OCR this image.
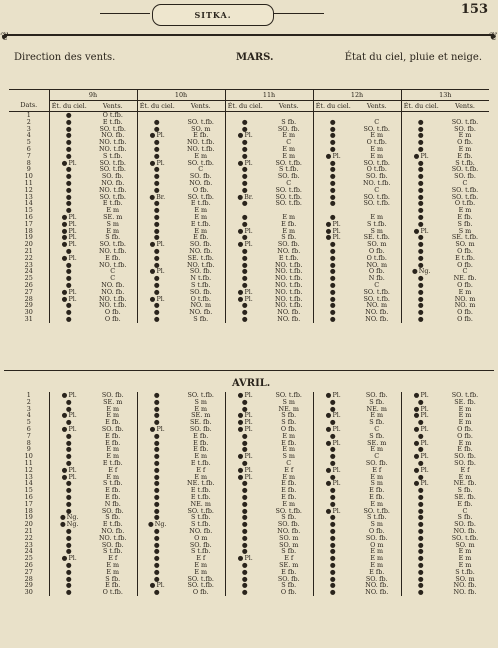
SITKA.	153
❦	❦
Direction des vents.	MARS.	État du ciel, pluie et neige.
	9h		10h		11h		12h		13h	
Dats.	Ét. du ciel.	Vents.	Ét. du ciel.	Vents.	Ét. du ciel.	Vents.	Ét. du ciel.	Vents.	Ét. du ciel.	Vents.
1	●	O t.fb.								
2	●	E t.fb.	●	SO. t.fb.	●	S fb.	●	C	●	SO. t.fb.
3	●	SO. t.fb.	●	SO. m	●	SO. fb.	●	SO. t.fb.	●	SO. fb.
4	●	NO. fb.	● Pl.	E fb.	● Pl.	E m	●	E m	●	E m
5	●	NO. t.fb.	●	NO. t.fb.	●	C	●	O t.fb.	●	O fb.
6	●	NO. t.fb.	●	NO. t.fb.	●	E m	●	E m	●	E m
7	●	S t.fb.	●	E m	●	E m	● Pl.	E m	● Pl.	E fb.
8	● Pl.	SO. t.fb.	● Pl.	SO. t.fb.	● Pl.	SO. t.fb.	●	SO. t.fb.	●	S t.fb.
9	●	SO. t.fb.	●	C	●	S t.fb.	●	O t.fb.	●	SO. t.fb.
10	●	SO. fb.	●	SO. fb.	●	SO. fb.	●	SO. fb.	●	SO. fb.
11	●	NO. fb.	●	NO. fb.	●	C	●	NO. t.fb.	●	C
12	●	NO. t.fb.	●	O fb.	●	SO. t.fb.	●	C	●	SO. t.fb.
13	●	SO. t.fb.	● Br.	SO. t.fb.	● Br.	SO. t.fb.	●	SO. t.fb.	●	SO. t.fb.
14	●	E t.fb.	●	E t.fb.	●	SO. t.fb.	●	SO. t.fb.	●	O t.fb.
15	●	E m	●	E m					●	E m
16	● Pl.	SE. m	●	E m	●	E m	●	E m	●	E fb.
17	● Pl.	S m	●	E t.fb.	●	E fb.	● Pl.	S t.fb.	●	S fb.
18	● Pl.	E m	●	E m	● Pl.	E m	● Pl.	S m	● Pl.	S m
19	● Pl.	S fb.	●	E fb.	●	S fb.	● Pl.	SE. t.fb.	●	SE. t.fb.
20	● Pl.	SO. t.fb.	● Pl.	SO. fb.	● Pl.	SO. fb.	●	SO. m	●	SO. m
21	●	NO. t.fb.	●	NO. fb.	●	NO. fb.	●	O fb.	●	O fb.
22	● Pl.	E fb.	●	SE. t.fb.	●	E t.fb.	●	O t.fb.	●	E t.fb.
23	●	NO. t.fb.	●	NO. t.fb.	●	NO. t.fb.	●	NO. m	●	O fb.
24	●	C	● Pl.	SO. fb.	●	NO. t.fb.	●	O fb.	● Ng.	C
25	●	C	●	N t.fb.	●	NO. t.fb.	●	N fb.	●	NE. fb.
26	●	NO. fb.	●	S t.fb.	●	NO. t.fb.	●	C	●	O fb.
27	● Pl.	NO. fb.	●	SO. fb.	● Pl.	NO. t.fb.	●	SO. t.fb.	●	E m
28	● Pl.	NO. t.fb.	● Pl.	O t.fb.	● Pl.	NO. t.fb.	●	SO. t.fb.	●	NO. m
29	●	NO. t.fb.	●	NO. m	●	NO. t.fb.	●	NO. m	●	NO. m
30	●	O fb.	●	NO. fb.	●	NO. fb.	●	NO. fb.	●	O fb.
31	●	O fb.	●	S fb.	●	NO. fb.	●	NO. fb.	●	O fb.
AVRIL.
1	● Pl.	SO. fb.	●	SO. t.fb.	● Pl.	SO. t.fb.	● Pl.	SO. fb.	● Pl.	SO. t.fb.
2	●	SE. m	●	S m	●	S m	●	S fb.	●	SE. fb.
3	●	E m	●	E m	●	NE. m	●	NE. m	● Pl.	E m
4	● Pl.	E m	●	SE. m	● Pl.	S fb.	● Pl.	E m	● Pl.	E m
5	●	E fb.	●	SE. fb.	● Pl.	S fb.	●	S fb.	●	E m
6	● Pl.	SO. fb.	● Pl.	SO. fb.	● Pl.	O fb.	● Pl.	C	● Pl.	O fb.
7	●	E fb.	●	E fb.	●	E m	●	S fb.	●	O fb.
8	●	E fb.	●	E fb.	●	E fb.	● Pl.	SE. m	● Pl.	E m
9	●	E m	●	E fb.	●	E m	●	E m	●	E fb.
10	●	E m	●	E m	● Pl.	S m	●	C	● Pl.	SO. fb.
11	●	E t.fb.	●	E t.fb.	●	C	●	SO. fb.	●	SO. fb.
12	● Pl.	E f	●	E f	● Pl.	E f	● Pl.	E f	● Pl.	E f
13	● Pl.	E m	●	E m	● Pl.	E m	●	E m	●	E m
14	●	S t.fb.	●	NE. t.fb.	●	E fb.	● Pl.	S m	● Pl.	NE. fb.
15	●	E fb.	●	E t.fb.	●	E fb.	●	E fb.	●	S fb.
16	●	E fb.	●	E t.fb.	●	E fb.	●	E fb.	●	SE. fb.
17	●	N fb.	●	NE. m	●	E m	●	E m	●	E fb.
18	●	SO. fb.	●	SO. t.fb.	●	SO. t.fb.	● Pl.	SO. t.fb.	●	C
19	● Ng.	S fb.	●	S t.fb.	●	S fb.	●	S t.fb.	●	S fb.
20	● Ng.	E t.fb.	● Ng.	S t.fb.	●	SO. fb.	●	S m	●	SO. fb.
21	●	NO. fb.	●	NO. fb.	●	NO. fb.	●	O fb.	●	NO. fb.
22	●	NO. t.fb.	●	O m	●	SO. m	●	SO. fb.	●	SO. t.fb.
23	●	SO. fb.	●	SO. fb.	●	SO. m	●	O m	●	SO. m
24	●	S t.fb.	●	S t.fb.	●	S fb.	●	E m	●	E m
25	● Pl.	E f	●	E f	● Pl.	E f	●	E m	●	E m
26	●	E m	●	E m	●	SE. m	●	E m	●	E m
27	●	E m	●	E m	●	E fb.	●	E fb.	●	S t.fb.
28	●	S fb.	●	SO. t.fb.	●	SO. fb.	●	SO. fb.	●	SO. m
29	●	E fb.	● Pl.	SO. t.fb.	●	S fb.	●	NO. fb.	●	NO. fb.
30	●	O t.fb.	●	O fb.	●	O fb.	●	NO. fb.	●	NO. fb.
